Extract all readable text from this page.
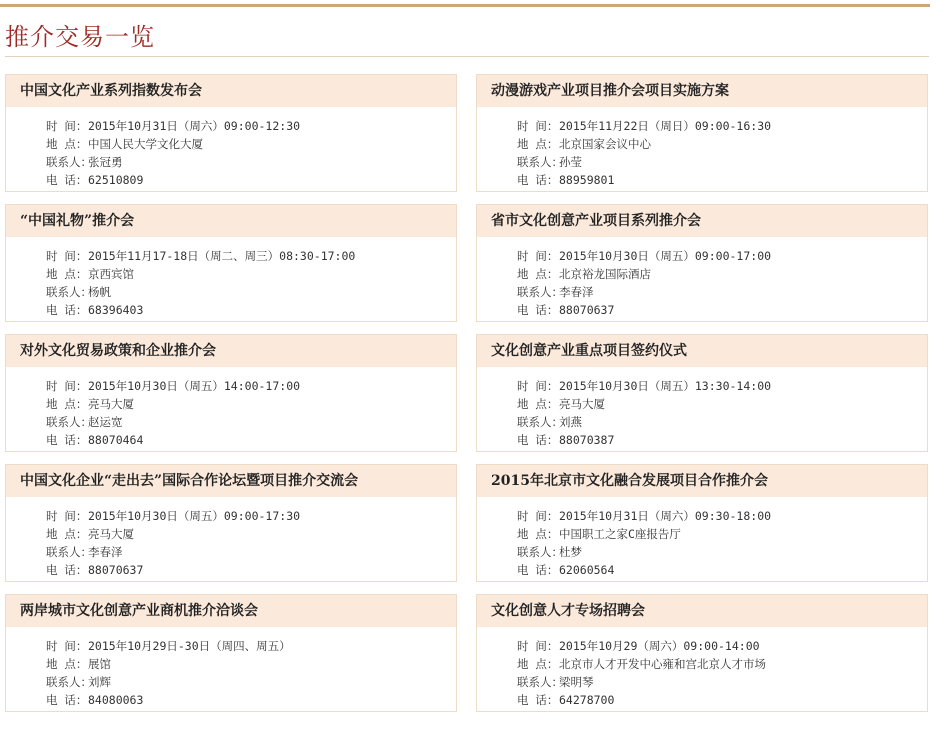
推介交易一览
中国文化产业系列指数发布会
时 间：2015年10月31日（周六）09:00-12:30
地 点：中国人民大学文化大厦
联系人：张冠勇
电 话：62510809
动漫游戏产业项目推介会项目实施方案
时 间：2015年11月22日（周日）09:00-16:30
地 点：北京国家会议中心
联系人：孙莹
电 话：88959801
“中国礼物”推介会
时 间：2015年11月17-18日（周二、周三）08:30-17:00
地 点：京西宾馆
联系人：杨帆
电 话：68396403
省市文化创意产业项目系列推介会
时 间：2015年10月30日（周五）09:00-17:00
地 点：北京裕龙国际酒店
联系人：李春泽
电 话：88070637
对外文化贸易政策和企业推介会
时 间：2015年10月30日（周五）14:00-17:00
地 点：亮马大厦
联系人：赵运宽
电 话：88070464
文化创意产业重点项目签约仪式
时 间：2015年10月30日（周五）13:30-14:00
地 点：亮马大厦
联系人：刘燕
电 话：88070387
中国文化企业“走出去”国际合作论坛暨项目推介交流会
时 间：2015年10月30日（周五）09:00-17:30
地 点：亮马大厦
联系人：李春泽
电 话：88070637
2015年北京市文化融合发展项目合作推介会
时 间：2015年10月31日（周六）09:30-18:00
地 点：中国职工之家C座报告厅
联系人：杜梦
电 话：62060564
两岸城市文化创意产业商机推介洽谈会
时 间：2015年10月29日-30日（周四、周五）
地 点：展馆
联系人：刘辉
电 话：84080063
文化创意人才专场招聘会
时 间：2015年10月29（周六）09:00-14:00
地 点：北京市人才开发中心雍和宫北京人才市场
联系人：梁明琴
电 话：64278700
